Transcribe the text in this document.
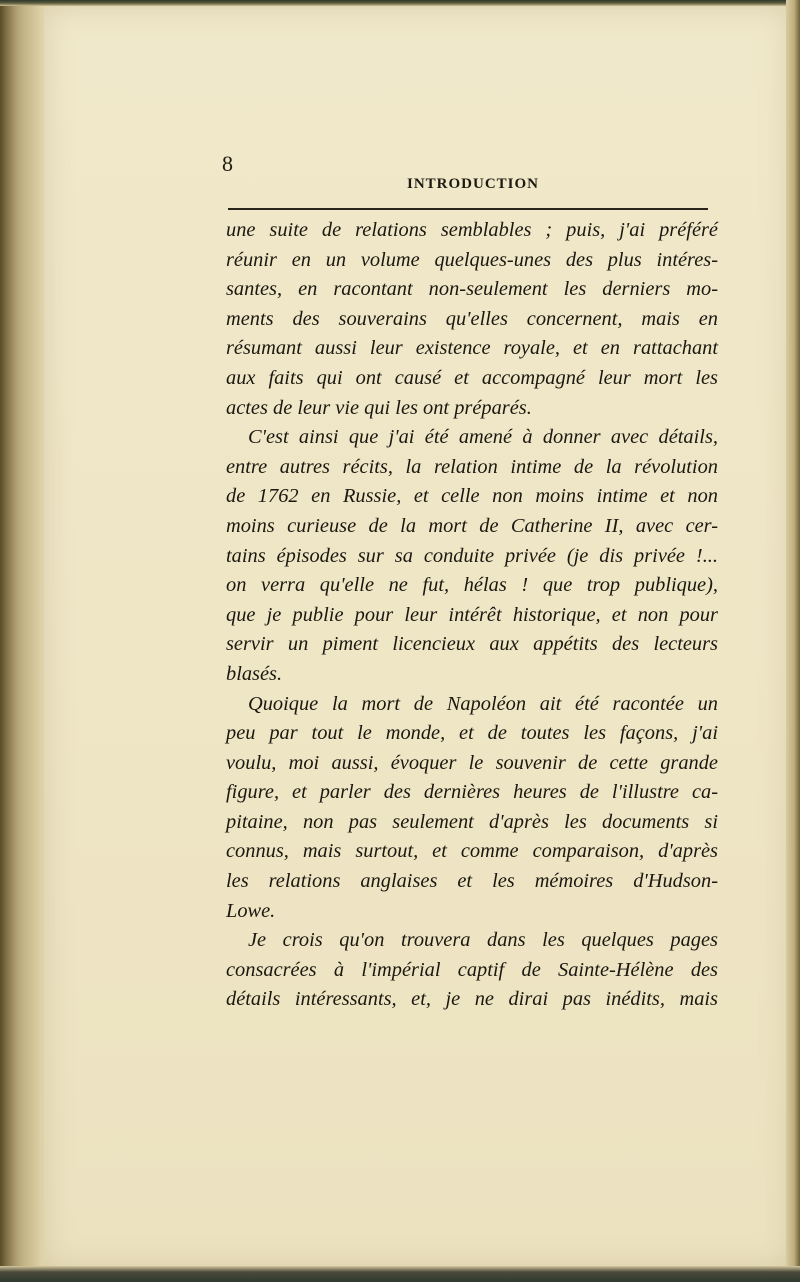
8
INTRODUCTION
une suite de relations semblables ; puis, j'ai préféré
réunir en un volume quelques-unes des plus intéres-
santes, en racontant non-seulement les derniers mo-
ments des souverains qu'elles concernent, mais en
résumant aussi leur existence royale, et en rattachant
aux faits qui ont causé et accompagné leur mort les
actes de leur vie qui les ont préparés.
C'est ainsi que j'ai été amené à donner avec détails,
entre autres récits, la relation intime de la révolution
de 1762 en Russie, et celle non moins intime et non
moins curieuse de la mort de Catherine II, avec cer-
tains épisodes sur sa conduite privée (je dis privée !...
on verra qu'elle ne fut, hélas ! que trop publique),
que je publie pour leur intérêt historique, et non pour
servir un piment licencieux aux appétits des lecteurs
blasés.
Quoique la mort de Napoléon ait été racontée un
peu par tout le monde, et de toutes les façons, j'ai
voulu, moi aussi, évoquer le souvenir de cette grande
figure, et parler des dernières heures de l'illustre ca-
pitaine, non pas seulement d'après les documents si
connus, mais surtout, et comme comparaison, d'après
les relations anglaises et les mémoires d'Hudson-
Lowe.
Je crois qu'on trouvera dans les quelques pages
consacrées à l'impérial captif de Sainte-Hélène des
détails intéressants, et, je ne dirai pas inédits, mais
